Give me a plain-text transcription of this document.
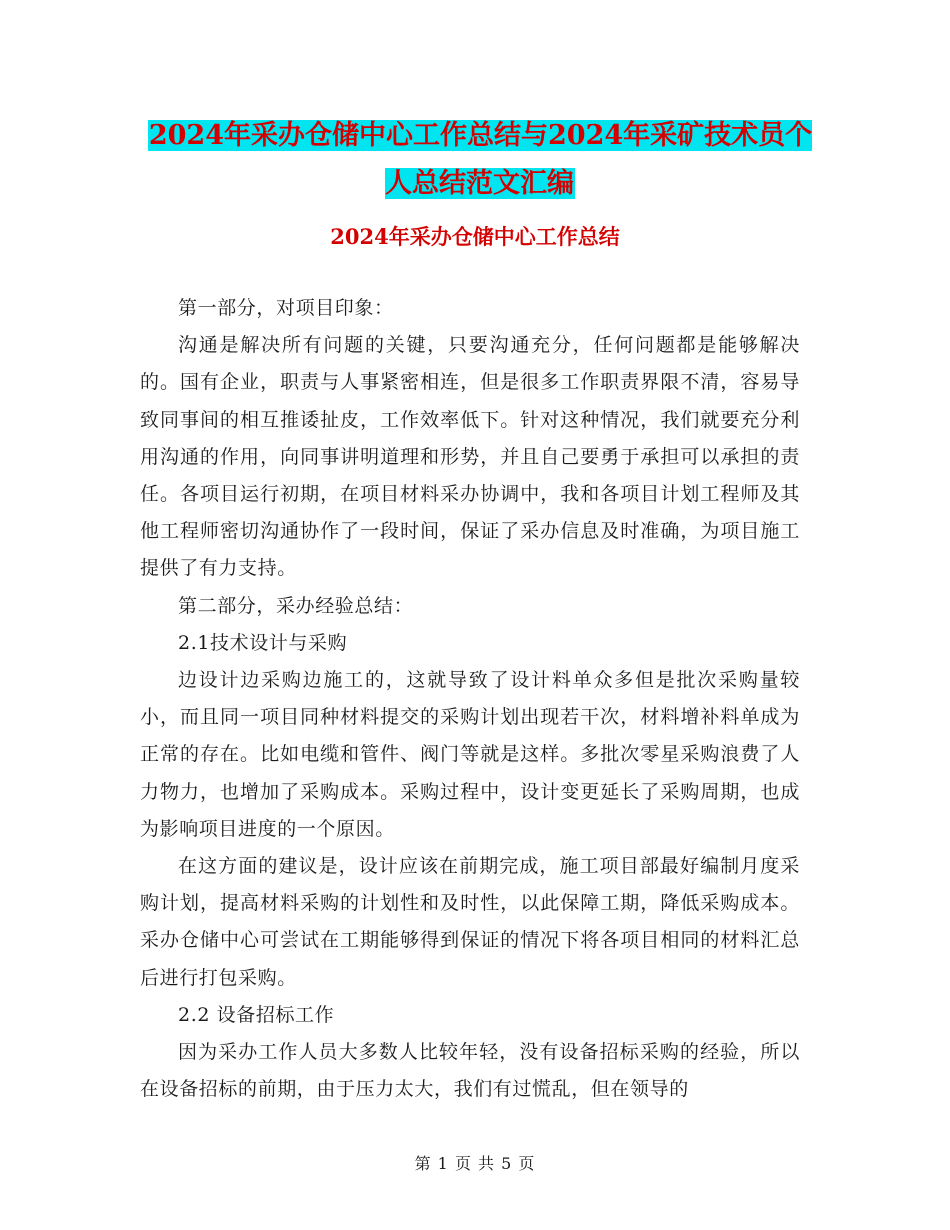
2024年采办仓储中心工作总结与2024年采矿技术员个人总结范文汇编
2024年采办仓储中心工作总结

第一部分，对项目印象：

沟通是解决所有问题的关键，只要沟通充分，任何问题都是能够解决的。国有企业，职责与人事紧密相连，但是很多工作职责界限不清，容易导致同事间的相互推诿扯皮，工作效率低下。针对这种情况，我们就要充分利用沟通的作用，向同事讲明道理和形势，并且自己要勇于承担可以承担的责任。各项目运行初期，在项目材料采办协调中，我和各项目计划工程师及其他工程师密切沟通协作了一段时间，保证了采办信息及时准确，为项目施工提供了有力支持。

第二部分，采办经验总结：

2.1技术设计与采购

边设计边采购边施工的，这就导致了设计料单众多但是批次采购量较小，而且同一项目同种材料提交的采购计划出现若干次，材料增补料单成为正常的存在。比如电缆和管件、阀门等就是这样。多批次零星采购浪费了人力物力，也增加了采购成本。采购过程中，设计变更延长了采购周期，也成为影响项目进度的一个原因。

在这方面的建议是，设计应该在前期完成，施工项目部最好编制月度采购计划，提高材料采购的计划性和及时性，以此保障工期，降低采购成本。采办仓储中心可尝试在工期能够得到保证的情况下将各项目相同的材料汇总后进行打包采购。

2.2 设备招标工作

因为采办工作人员大多数人比较年轻，没有设备招标采购的经验，所以在设备招标的前期，由于压力太大，我们有过慌乱，但在领导的

第 1 页 共 5 页
